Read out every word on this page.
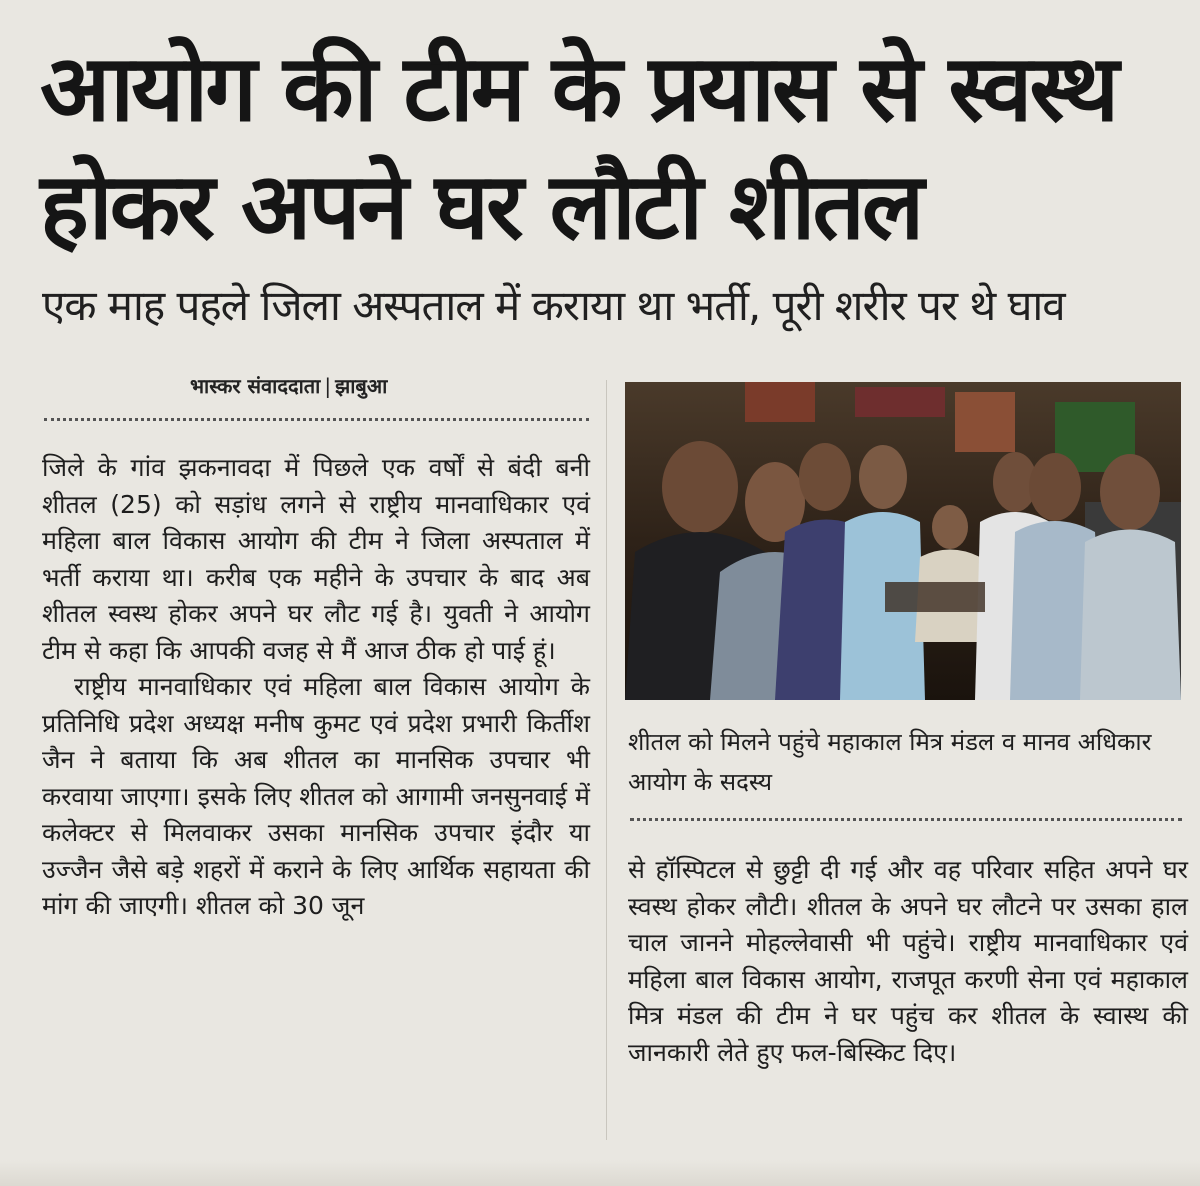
आयोग की टीम के प्रयास से स्वस्थ
होकर अपने घर लौटी शीतल
एक माह पहले जिला अस्पताल में कराया था भर्ती, पूरी शरीर पर थे घाव
भास्कर संवाददाता | झाबुआ

जिले के गांव झकनावदा में पिछले एक वर्षों से बंदी बनी शीतल (25) को सड़ांध लगने से राष्ट्रीय मानवाधिकार एवं महिला बाल विकास आयोग की टीम ने जिला अस्पताल में भर्ती कराया था। करीब एक महीने के उपचार के बाद अब शीतल स्वस्थ होकर अपने घर लौट गई है। युवती ने आयोग टीम से कहा कि आपकी वजह से मैं आज ठीक हो पाई हूं।

राष्ट्रीय मानवाधिकार एवं महिला बाल विकास आयोग के प्रतिनिधि प्रदेश अध्यक्ष मनीष कुमट एवं प्रदेश प्रभारी किर्तीश जैन ने बताया कि अब शीतल का मानसिक उपचार भी करवाया जाएगा। इसके लिए शीतल को आगामी जनसुनवाई में कलेक्टर से मिलवाकर उसका मानसिक उपचार इंदौर या उज्जैन जैसे बड़े शहरों में कराने के लिए आर्थिक सहायता की मांग की जाएगी। शीतल को 30 जून

शीतल को मिलने पहुंचे महाकाल मित्र मंडल व मानव अधिकार आयोग के सदस्य

से हॉस्पिटल से छुट्टी दी गई और वह परिवार सहित अपने घर स्वस्थ होकर लौटी। शीतल के अपने घर लौटने पर उसका हाल चाल जानने मोहल्लेवासी भी पहुंचे। राष्ट्रीय मानवाधिकार एवं महिला बाल विकास आयोग, राजपूत करणी सेना एवं महाकाल मित्र मंडल की टीम ने घर पहुंच कर शीतल के स्वास्थ की जानकारी लेते हुए फल-बिस्किट दिए।
